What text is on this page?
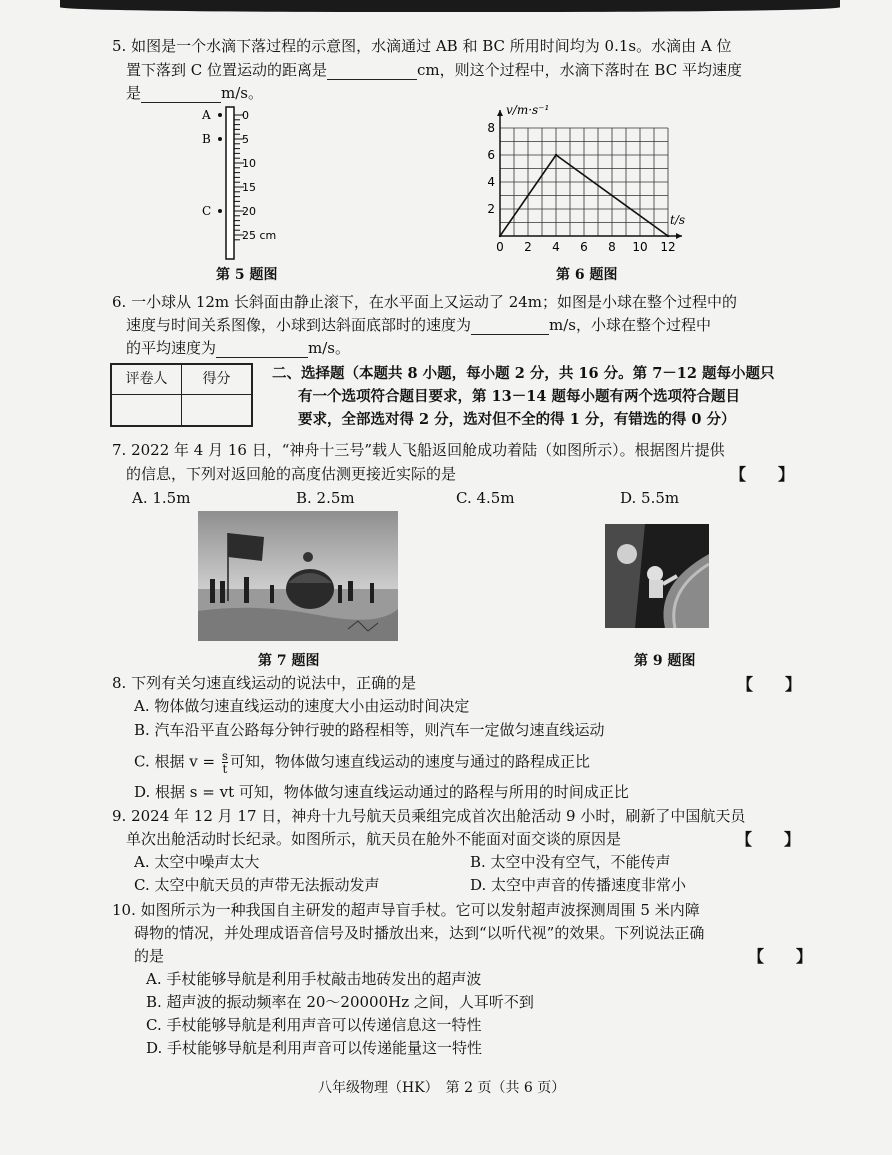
5. 如图是一个水滴下落过程的示意图，水滴通过 AB 和 BC 所用时间均为 0.1s。水滴由 A 位
置下落到 C 位置运动的距离是	cm，则这个过程中，水滴下落时在 BC 平均速度
是	m/s。
0
5
10
15
20
25 cm
A
B
C
第 5 题图
0 2 4 6 8 10 12
2
4
6
8
t/s
v/m·s⁻¹
第 6 题图
6. 一小球从 12m 长斜面由静止滚下，在水平面上又运动了 24m；如图是小球在整个过程中的
速度与时间关系图像，小球到达斜面底部时的速度为	m/s，小球在整个过程中
的平均速度为	m/s。
评卷人	得分	二、选择题（本题共 8 小题，每小题 2 分，共 16 分。第 7－12 题每小题只
有一个选项符合题目要求，第 13－14 题每小题有两个选项符合题目
要求，全部选对得 2 分，选对但不全的得 1 分，有错选的得 0 分）
7. 2022 年 4 月 16 日，“神舟十三号”载人飞船返回舱成功着陆（如图所示）。根据图片提供
的信息，下列对返回舱的高度估测更接近实际的是	【　　】
A. 1.5m	B. 2.5m	C. 4.5m	D. 5.5m
第 7 题图	第 9 题图
8. 下列有关匀速直线运动的说法中，正确的是	【　　】
A. 物体做匀速直线运动的速度大小由运动时间决定
B. 汽车沿平直公路每分钟行驶的路程相等，则汽车一定做匀速直线运动
C. 根据 $v = \frac{s}{t}$ 可知，物体做匀速直线运动的速度与通过的路程成正比
D. 根据 s = vt 可知，物体做匀速直线运动通过的路程与所用的时间成正比
9. 2024 年 12 月 17 日，神舟十九号航天员乘组完成首次出舱活动 9 小时，刷新了中国航天员
单次出舱活动时长纪录。如图所示，航天员在舱外不能面对面交谈的原因是	【　　】
A. 太空中噪声太大	B. 太空中没有空气，不能传声
C. 太空中航天员的声带无法振动发声	D. 太空中声音的传播速度非常小
10. 如图所示为一种我国自主研发的超声导盲手杖。它可以发射超声波探测周围 5 米内障
碍物的情况，并处理成语音信号及时播放出来，达到“以听代视”的效果。下列说法正确
的是	【　　】
A. 手杖能够导航是利用手杖敲击地砖发出的超声波
B. 超声波的振动频率在 20～20000Hz 之间，人耳听不到
C. 手杖能够导航是利用声音可以传递信息这一特性
D. 手杖能够导航是利用声音可以传递能量这一特性
八年级物理（HK）　第 2 页（共 6 页）
